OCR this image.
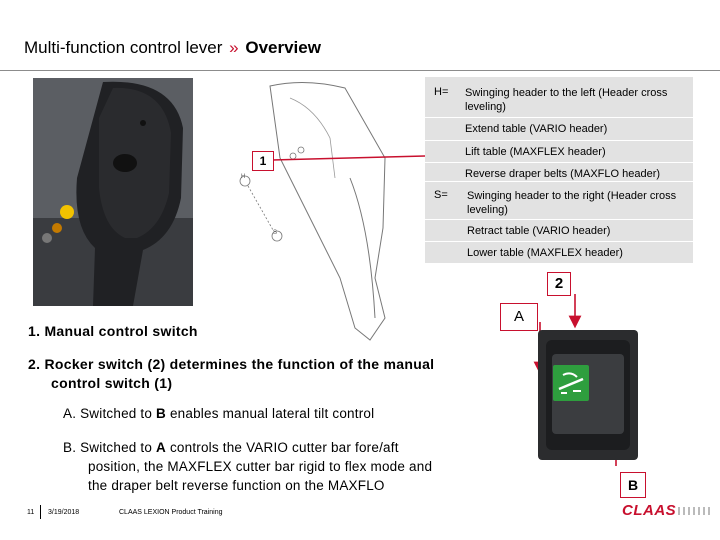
Multi-function control lever » Overview
H
S
1
H= Swinging header to the left (Header cross leveling)
Extend table (VARIO header)
Lift table (MAXFLEX header)
Reverse draper belts (MAXFLO header)
S= Swinging header to the right (Header cross leveling)
Retract table (VARIO header)
Lower table (MAXFLEX header)
2
A
B
1. Manual control switch
2. Rocker switch (2) determines the function of the manual
control switch (1)
A. Switched to B enables manual lateral tilt control
B. Switched to A controls the VARIO cutter bar fore/aft
position, the MAXFLEX cutter bar rigid to flex mode and
the draper belt reverse function on the MAXFLO
11 3/19/2018	CLAAS LEXION Product Training	CLAAS
